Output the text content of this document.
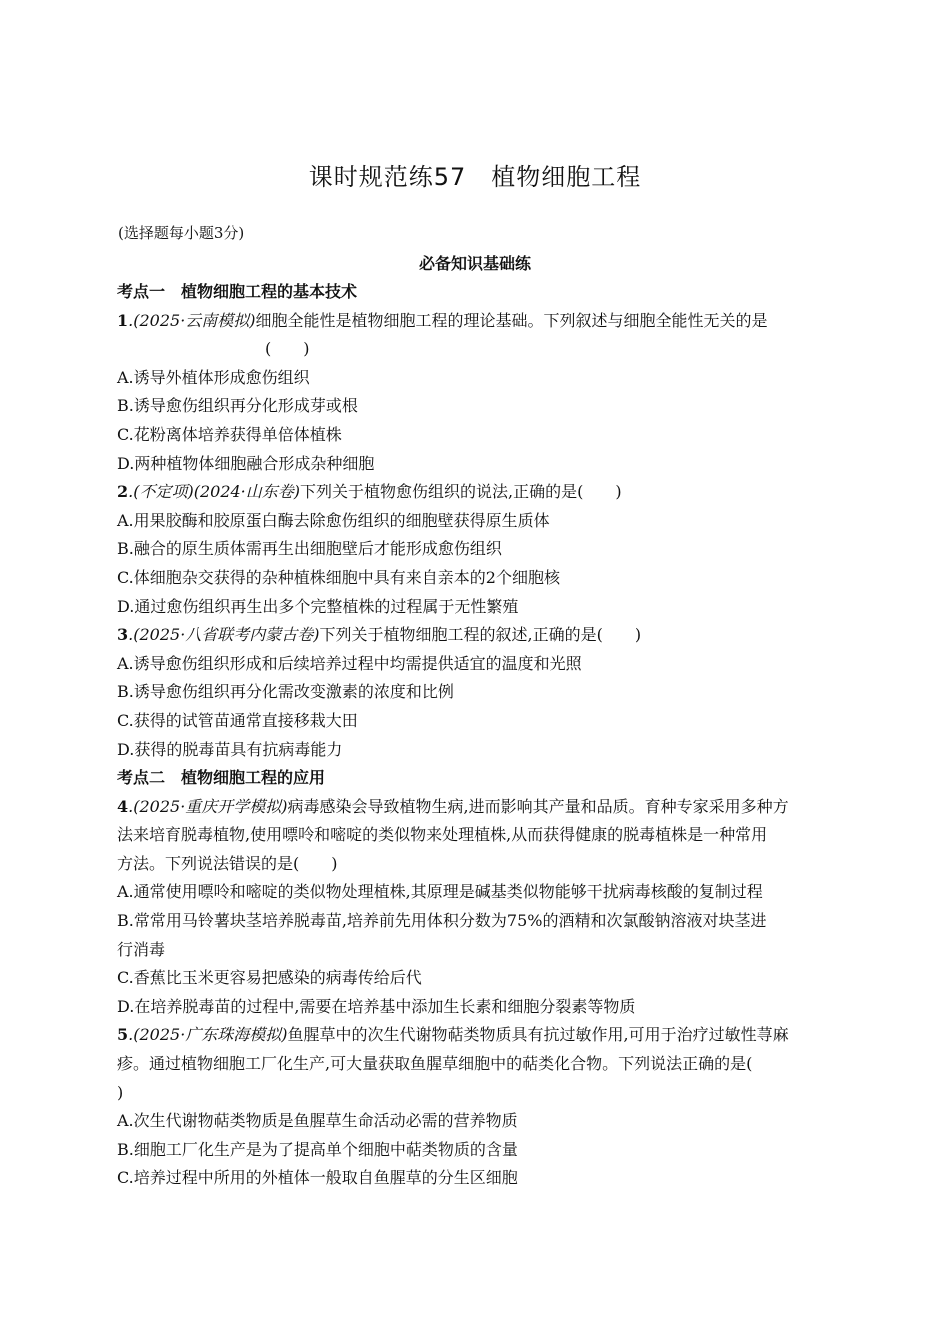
课时规范练57　植物细胞工程
(选择题每小题3分)
必备知识基础练
考点一　植物细胞工程的基本技术
1.(2025·云南模拟)细胞全能性是植物细胞工程的理论基础。下列叙述与细胞全能性无关的是
(　　)
A.诱导外植体形成愈伤组织
B.诱导愈伤组织再分化形成芽或根
C.花粉离体培养获得单倍体植株
D.两种植物体细胞融合形成杂种细胞
2.(不定项)(2024·山东卷)下列关于植物愈伤组织的说法,正确的是(　　)
A.用果胶酶和胶原蛋白酶去除愈伤组织的细胞壁获得原生质体
B.融合的原生质体需再生出细胞壁后才能形成愈伤组织
C.体细胞杂交获得的杂种植株细胞中具有来自亲本的2个细胞核
D.通过愈伤组织再生出多个完整植株的过程属于无性繁殖
3.(2025·八省联考内蒙古卷)下列关于植物细胞工程的叙述,正确的是(　　)
A.诱导愈伤组织形成和后续培养过程中均需提供适宜的温度和光照
B.诱导愈伤组织再分化需改变激素的浓度和比例
C.获得的试管苗通常直接移栽大田
D.获得的脱毒苗具有抗病毒能力
考点二　植物细胞工程的应用
4.(2025·重庆开学模拟)病毒感染会导致植物生病,进而影响其产量和品质。育种专家采用多种方
法来培育脱毒植物,使用嘌呤和嘧啶的类似物来处理植株,从而获得健康的脱毒植株是一种常用
方法。下列说法错误的是(　　)
A.通常使用嘌呤和嘧啶的类似物处理植株,其原理是碱基类似物能够干扰病毒核酸的复制过程
B.常常用马铃薯块茎培养脱毒苗,培养前先用体积分数为75%的酒精和次氯酸钠溶液对块茎进
行消毒
C.香蕉比玉米更容易把感染的病毒传给后代
D.在培养脱毒苗的过程中,需要在培养基中添加生长素和细胞分裂素等物质
5.(2025·广东珠海模拟)鱼腥草中的次生代谢物萜类物质具有抗过敏作用,可用于治疗过敏性荨麻
疹。通过植物细胞工厂化生产,可大量获取鱼腥草细胞中的萜类化合物。下列说法正确的是(
)
A.次生代谢物萜类物质是鱼腥草生命活动必需的营养物质
B.细胞工厂化生产是为了提高单个细胞中萜类物质的含量
C.培养过程中所用的外植体一般取自鱼腥草的分生区细胞
